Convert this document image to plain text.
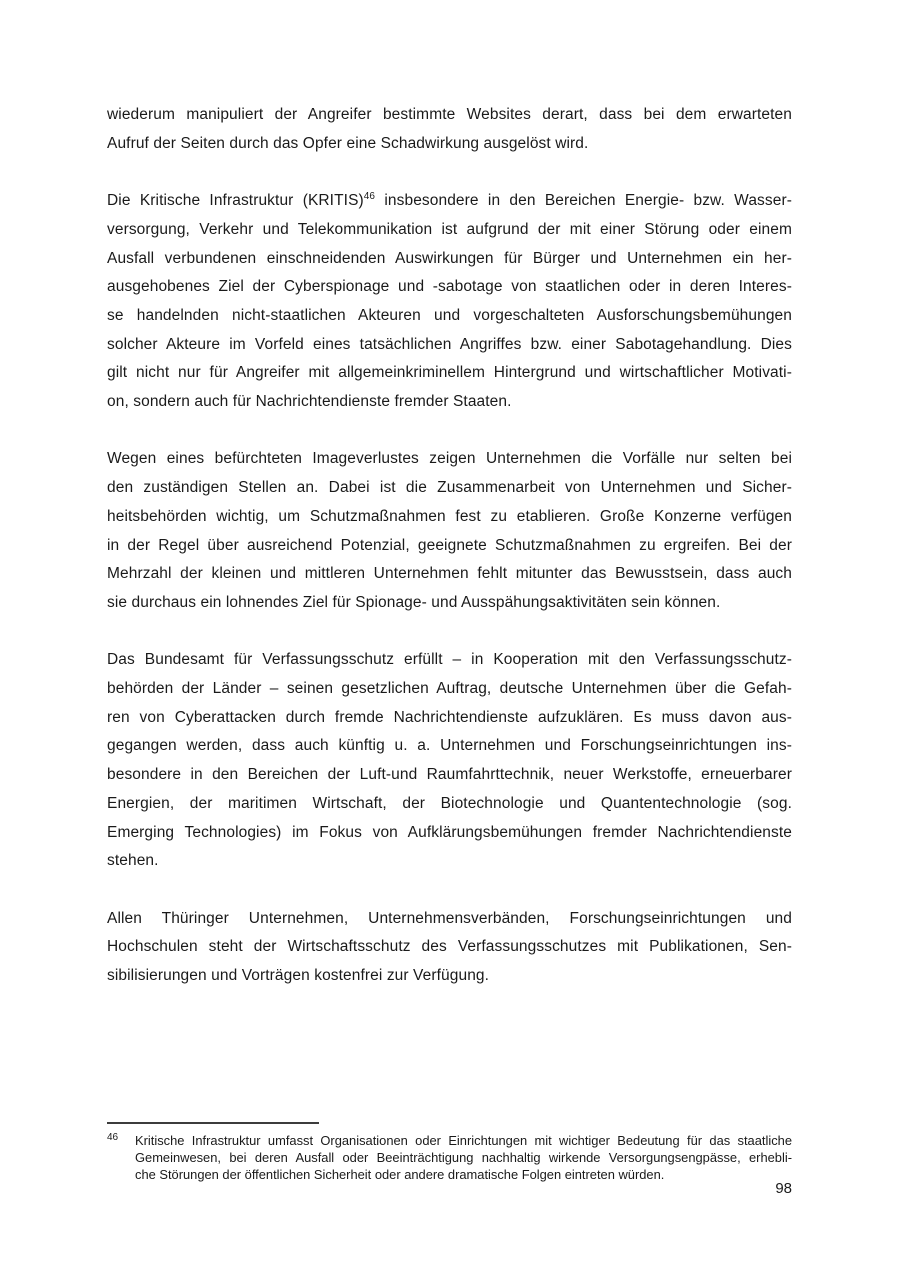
wiederum manipuliert der Angreifer bestimmte Websites derart, dass bei dem erwarteten
Aufruf der Seiten durch das Opfer eine Schadwirkung ausgelöst wird.
Die Kritische Infrastruktur (KRITIS)$^{46}$ insbesondere in den Bereichen Energie- bzw. Wasser-
versorgung, Verkehr und Telekommunikation ist aufgrund der mit einer Störung oder einem
Ausfall verbundenen einschneidenden Auswirkungen für Bürger und Unternehmen ein her-
ausgehobenes Ziel der Cyberspionage und -sabotage von staatlichen oder in deren Interes-
se handelnden nicht-staatlichen Akteuren und vorgeschalteten Ausforschungsbemühungen
solcher Akteure im Vorfeld eines tatsächlichen Angriffes bzw. einer Sabotagehandlung. Dies
gilt nicht nur für Angreifer mit allgemeinkriminellem Hintergrund und wirtschaftlicher Motivati-
on, sondern auch für Nachrichtendienste fremder Staaten.
Wegen eines befürchteten Imageverlustes zeigen Unternehmen die Vorfälle nur selten bei
den zuständigen Stellen an. Dabei ist die Zusammenarbeit von Unternehmen und Sicher-
heitsbehörden wichtig, um Schutzmaßnahmen fest zu etablieren. Große Konzerne verfügen
in der Regel über ausreichend Potenzial, geeignete Schutzmaßnahmen zu ergreifen. Bei der
Mehrzahl der kleinen und mittleren Unternehmen fehlt mitunter das Bewusstsein, dass auch
sie durchaus ein lohnendes Ziel für Spionage- und Ausspähungsaktivitäten sein können.
Das Bundesamt für Verfassungsschutz erfüllt – in Kooperation mit den Verfassungsschutz-
behörden der Länder – seinen gesetzlichen Auftrag, deutsche Unternehmen über die Gefah-
ren von Cyberattacken durch fremde Nachrichtendienste aufzuklären. Es muss davon aus-
gegangen werden, dass auch künftig u. a. Unternehmen und Forschungseinrichtungen ins-
besondere in den Bereichen der Luft-und Raumfahrttechnik, neuer Werkstoffe, erneuerbarer
Energien, der maritimen Wirtschaft, der Biotechnologie und Quantentechnologie (sog.
Emerging Technologies) im Fokus von Aufklärungsbemühungen fremder Nachrichtendienste
stehen.
Allen Thüringer Unternehmen, Unternehmensverbänden, Forschungseinrichtungen und
Hochschulen steht der Wirtschaftsschutz des Verfassungsschutzes mit Publikationen, Sen-
sibilisierungen und Vorträgen kostenfrei zur Verfügung.
46 Kritische Infrastruktur umfasst Organisationen oder Einrichtungen mit wichtiger Bedeutung für das staatliche
Gemeinwesen, bei deren Ausfall oder Beeinträchtigung nachhaltig wirkende Versorgungsengpässe, erhebli-
che Störungen der öffentlichen Sicherheit oder andere dramatische Folgen eintreten würden.
98
